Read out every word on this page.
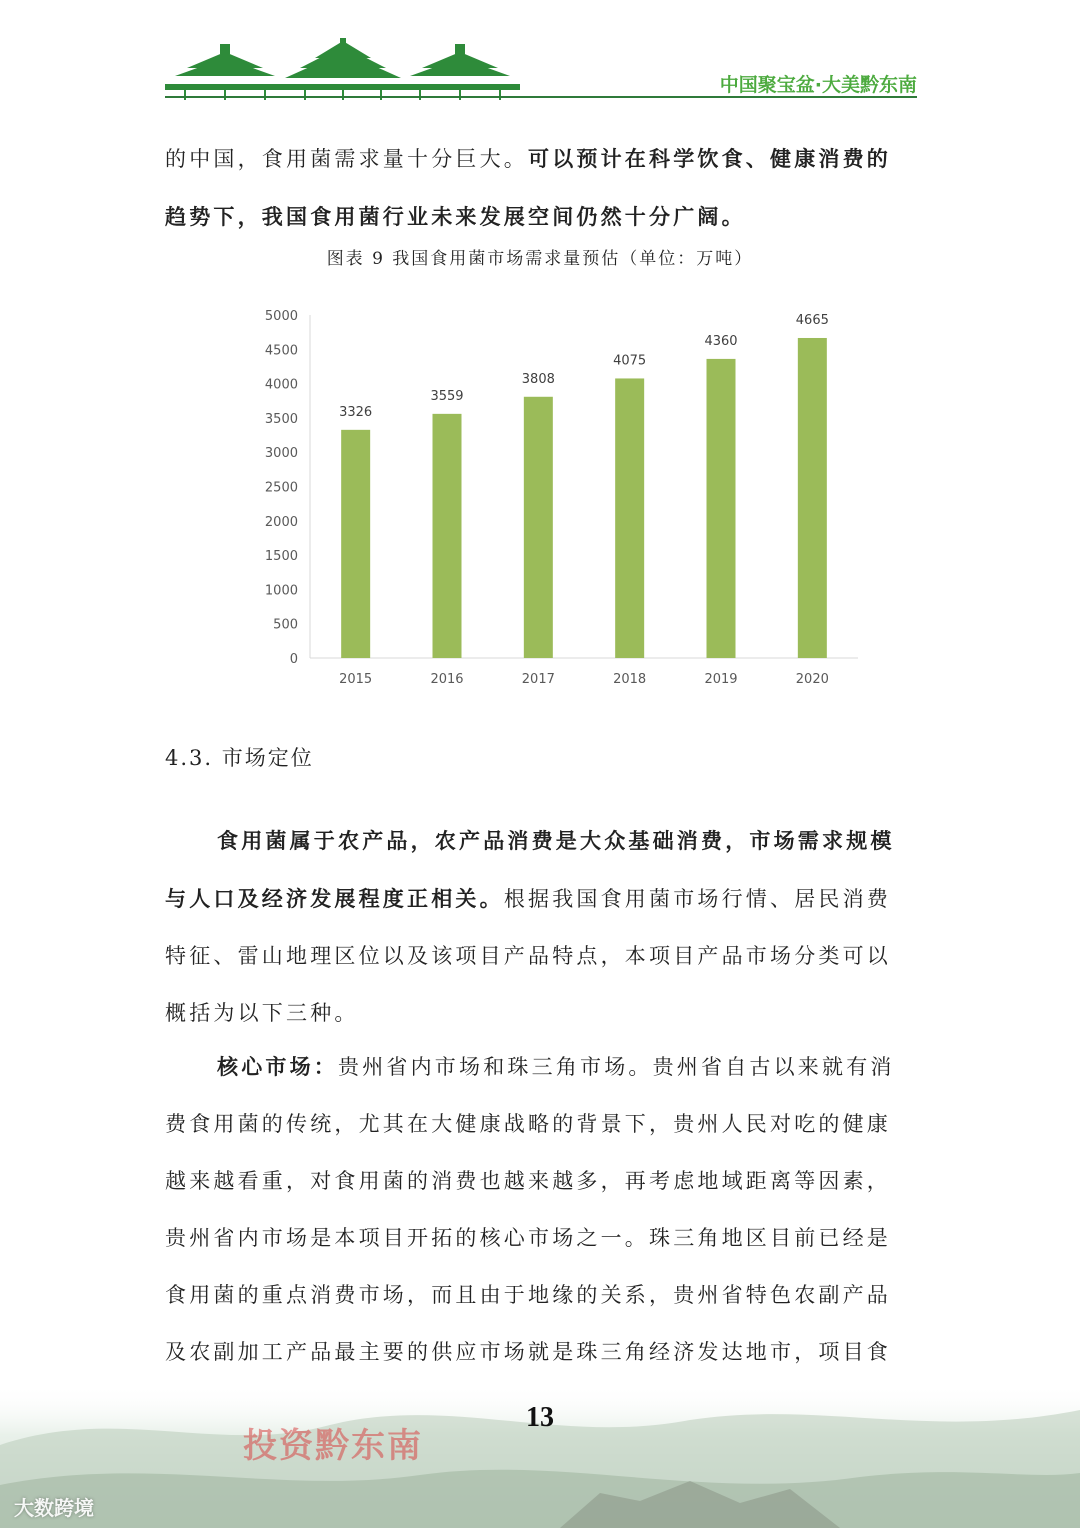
中国聚宝盆·大美黔东南
的中国，食用菌需求量十分巨大。可以预计在科学饮食、健康消费的
趋势下，我国食用菌行业未来发展空间仍然十分广阔。
图表 9 我国食用菌市场需求量预估（单位：万吨）
0
500
1000
1500
2000
2500
3000
3500
4000
4500
5000
3326
2015
3559
2016
3808
2017
4075
2018
4360
2019
4665
2020
4.3. 市场定位
食用菌属于农产品，农产品消费是大众基础消费，市场需求规模
与人口及经济发展程度正相关。根据我国食用菌市场行情、居民消费
特征、雷山地理区位以及该项目产品特点，本项目产品市场分类可以
概括为以下三种。
核心市场：贵州省内市场和珠三角市场。贵州省自古以来就有消
费食用菌的传统，尤其在大健康战略的背景下，贵州人民对吃的健康
越来越看重，对食用菌的消费也越来越多，再考虑地域距离等因素，
贵州省内市场是本项目开拓的核心市场之一。珠三角地区目前已经是
食用菌的重点消费市场，而且由于地缘的关系，贵州省特色农副产品
及农副加工产品最主要的供应市场就是珠三角经济发达地市，项目食
13
投资黔东南
大数跨境
